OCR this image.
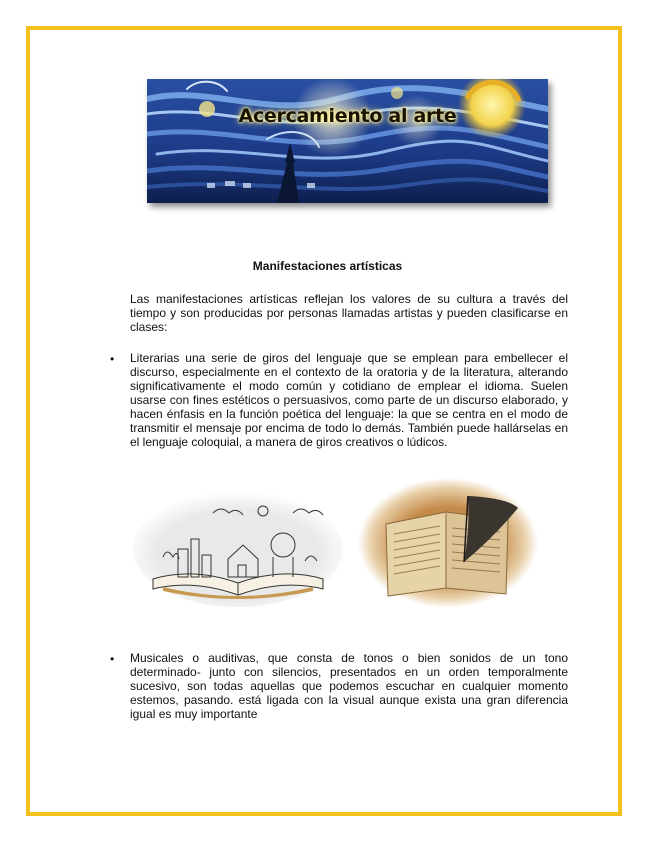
Acercamiento al arte
Manifestaciones artísticas
Las manifestaciones artísticas reflejan los valores de su cultura a través del tiempo y son producidas por personas llamadas artistas y pueden clasificarse en clases:
• Literarias una serie de giros del lenguaje que se emplean para embellecer el discurso, especialmente en el contexto de la oratoria y de la literatura, alterando significativamente el modo común y cotidiano de emplear el idioma. Suelen usarse con fines estéticos o persuasivos, como parte de un discurso elaborado, y hacen énfasis en la función poética del lenguaje: la que se centra en el modo de transmitir el mensaje por encima de todo lo demás. También puede hallárselas en el lenguaje coloquial, a manera de giros creativos o lúdicos.
• Musicales o auditivas, que consta de tonos o bien sonidos de un tono determinado- junto con silencios, presentados en un orden temporalmente sucesivo, son todas aquellas que podemos escuchar en cualquier momento estemos, pasando. está ligada con la visual aunque exista una gran diferencia igual es muy importante
